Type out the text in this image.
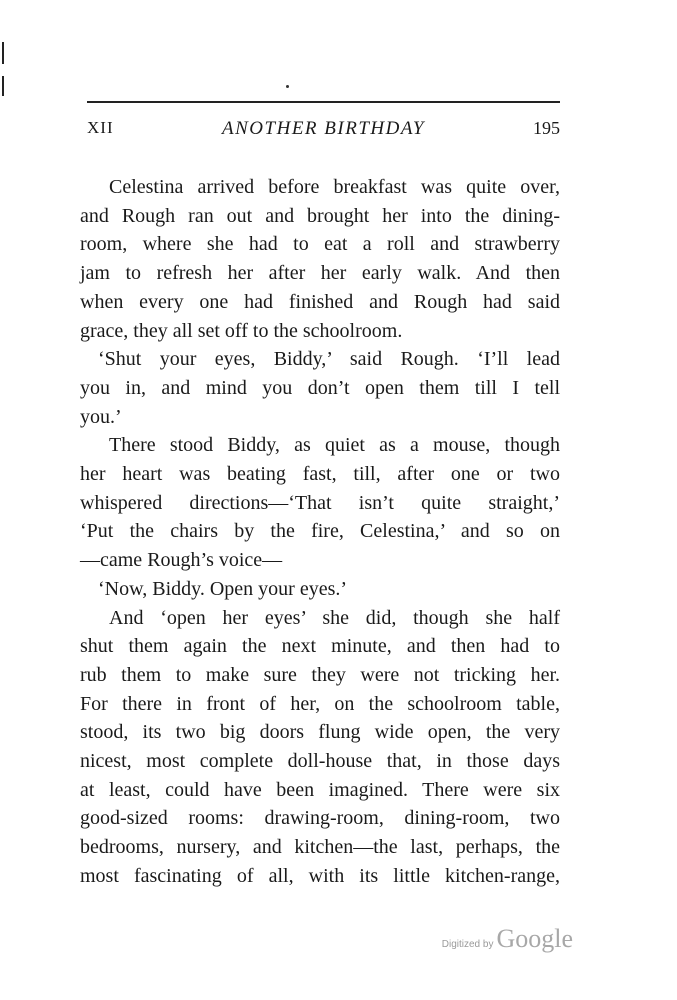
XII	ANOTHER BIRTHDAY	195

Celestina arrived before breakfast was quite over,
and Rough ran out and brought her into the dining-
room, where she had to eat a roll and strawberry
jam to refresh her after her early walk. And then
when every one had finished and Rough had said
grace, they all set off to the schoolroom.

‘Shut your eyes, Biddy,’ said Rough. ‘I’ll lead
you in, and mind you don’t open them till I tell
you.’

There stood Biddy, as quiet as a mouse, though
her heart was beating fast, till, after one or two
whispered directions—‘That isn’t quite straight,’
‘Put the chairs by the fire, Celestina,’ and so on
—came Rough’s voice—

‘Now, Biddy. Open your eyes.’

And ‘open her eyes’ she did, though she half
shut them again the next minute, and then had to
rub them to make sure they were not tricking her.
For there in front of her, on the schoolroom table,
stood, its two big doors flung wide open, the very
nicest, most complete doll-house that, in those days
at least, could have been imagined. There were six
good-sized rooms: drawing-room, dining-room, two
bedrooms, nursery, and kitchen—the last, perhaps, the
most fascinating of all, with its little kitchen-range,

Digitized by Google
